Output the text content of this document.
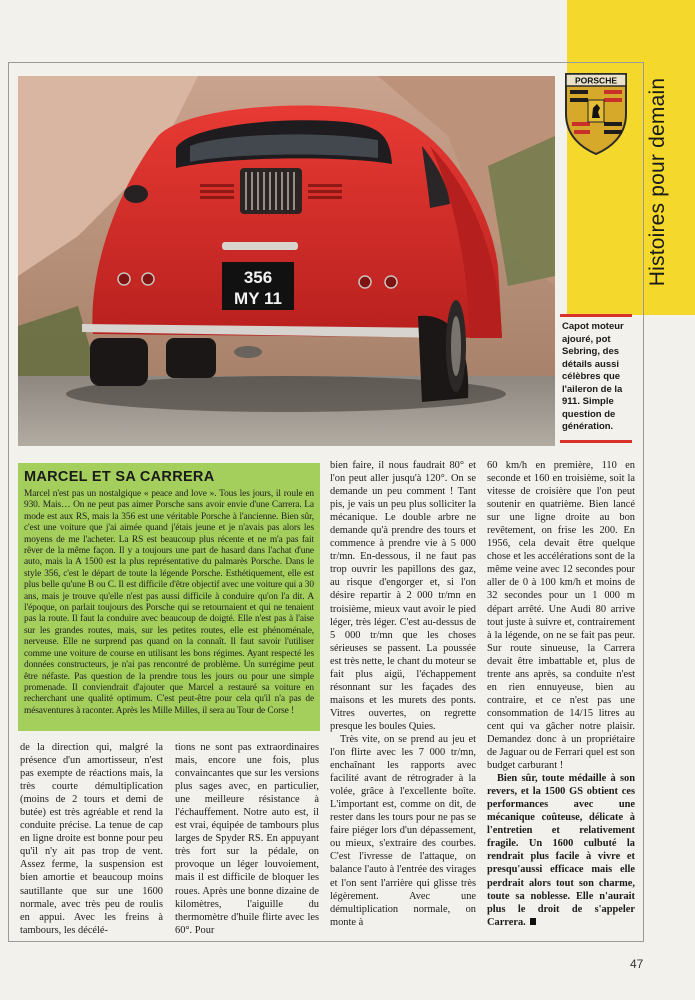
Histoires pour demain
356
MY 11
PORSCHE
Capot moteur ajouré, pot Sebring, des détails aussi célèbres que l'aileron de la 911. Simple question de génération.
MARCEL ET SA CARRERA

Marcel n'est pas un nostalgique « peace and love ». Tous les jours, il roule en 930. Mais… On ne peut pas aimer Porsche sans avoir envie d'une Carrera. La mode est aux RS, mais la 356 est une véritable Porsche à l'ancienne. Bien sûr, c'est une voiture que j'ai aimée quand j'étais jeune et je n'avais pas alors les moyens de me l'acheter. La RS est beaucoup plus récente et ne m'a pas fait rêver de la même façon. Il y a toujours une part de hasard dans l'achat d'une auto, mais la A 1500 est la plus représentative du palmarès Porsche. Dans le style 356, c'est le départ de toute la légende Porsche. Esthétiquement, elle est plus belle qu'une B ou C. Il est difficile d'être objectif avec une voiture qui a 30 ans, mais je trouve qu'elle n'est pas aussi difficile à conduire qu'on l'a dit. A l'époque, on parlait toujours des Porsche qui se retournaient et qui ne tenaient pas la route. Il faut la conduire avec beaucoup de doigté. Elle n'est pas à l'aise sur les grandes routes, mais, sur les petites routes, elle est phénoménale, nerveuse. Elle ne surprend pas quand on la connaît. Il faut savoir l'utiliser comme une voiture de course en utilisant les bons régimes. Ayant respecté les données constructeurs, je n'ai pas rencontré de problème. Un surrégime peut être néfaste. Pas question de la prendre tous les jours ou pour une simple promenade. Il conviendrait d'ajouter que Marcel a restauré sa voiture en recherchant une qualité optimum. C'est peut-être pour cela qu'il n'a pas de mésaventures à raconter. Après les Mille Milles, il sera au Tour de Corse !

de la direction qui, malgré la présence d'un amortisseur, n'est pas exempte de réactions mais, la très courte démultiplication (moins de 2 tours et demi de butée) est très agréable et rend la conduite précise. La tenue de cap en ligne droite est bonne pour peu qu'il n'y ait pas trop de vent. Assez ferme, la suspension est bien amortie et beaucoup moins sautillante que sur une 1600 normale, avec très peu de roulis en appui. Avec les freins à tambours, les décélé-

tions ne sont pas extraordinaires mais, encore une fois, plus convaincantes que sur les versions plus sages avec, en particulier, une meilleure résistance à l'échauffement. Notre auto est, il est vrai, équipée de tambours plus larges de Spyder RS. En appuyant très fort sur la pédale, on provoque un léger louvoiement, mais il est difficile de bloquer les roues. Après une bonne dizaine de kilomètres, l'aiguille du thermomètre d'huile flirte avec les 60°. Pour

bien faire, il nous faudrait 80° et l'on peut aller jusqu'à 120°. On se demande un peu comment ! Tant pis, je vais un peu plus solliciter la mécanique. Le double arbre ne demande qu'à prendre des tours et commence à prendre vie à 5 000 tr/mn. En-dessous, il ne faut pas trop ouvrir les papillons des gaz, au risque d'engorger et, si l'on désire repartir à 2 000 tr/mn en troisième, mieux vaut avoir le pied léger, très léger. C'est au-dessus de 5 000 tr/mn que les choses sérieuses se passent. La poussée est très nette, le chant du moteur se fait plus aigü, l'échappement résonnant sur les façades des maisons et les murets des ponts. Vitres ouvertes, on regrette presque les boules Quies.

Très vite, on se prend au jeu et l'on flirte avec les 7 000 tr/mn, enchaînant les rapports avec facilité avant de rétrograder à la volée, grâce à l'excellente boîte. L'important est, comme on dit, de rester dans les tours pour ne pas se faire piéger lors d'un dépassement, ou mieux, s'extraire des courbes. C'est l'ivresse de l'attaque, on balance l'auto à l'entrée des virages et l'on sent l'arrière qui glisse très légèrement. Avec une démultiplication normale, on monte à

60 km/h en première, 110 en seconde et 160 en troisième, soit la vitesse de croisière que l'on peut soutenir en quatrième. Bien lancé sur une ligne droite au bon revêtement, on frise les 200. En 1956, cela devait être quelque chose et les accélérations sont de la même veine avec 12 secondes pour aller de 0 à 100 km/h et moins de 32 secondes pour un 1 000 m départ arrêté. Une Audi 80 arrive tout juste à suivre et, contrairement à la légende, on ne se fait pas peur. Sur route sinueuse, la Carrera devait être imbattable et, plus de trente ans après, sa conduite n'est en rien ennuyeuse, bien au contraire, et ce n'est pas une consommation de 14/15 litres au cent qui va gâcher notre plaisir. Demandez donc à un propriétaire de Jaguar ou de Ferrari quel est son budget carburant !

Bien sûr, toute médaille à son revers, et la 1500 GS obtient ces performances avec une mécanique coûteuse, délicate à l'entretien et relativement fragile. Un 1600 culbuté la rendrait plus facile à vivre et presqu'aussi efficace mais elle perdrait alors tout son charme, toute sa noblesse. Elle n'aurait plus le droit de s'appeler Carrera.

47
